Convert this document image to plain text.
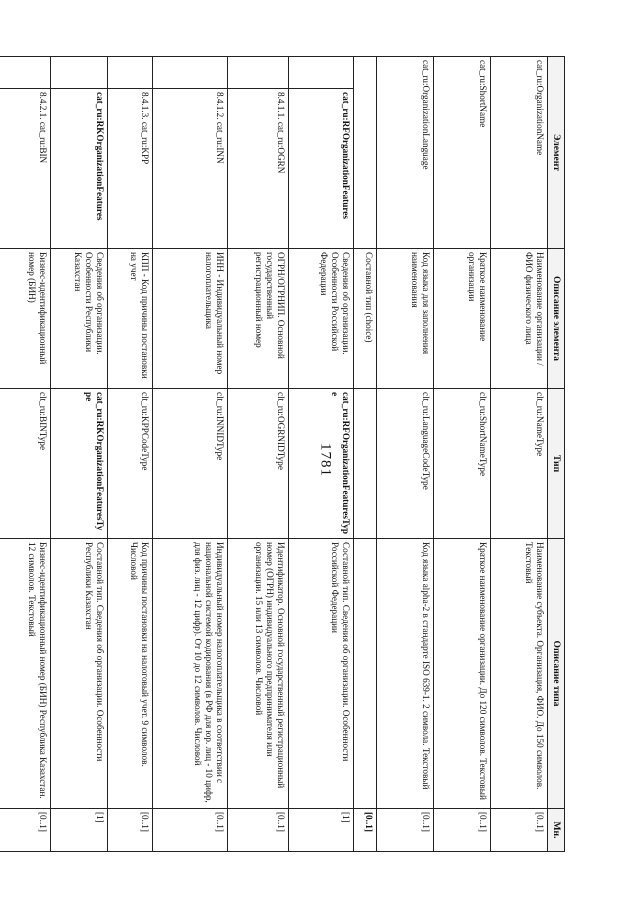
1781
Элемент		Описание элемента	Тип	Описание типа	Мн.
cat_ru:OrganizationName		Наименование организации / ФИО физического лица	clt_ru:NameType	Наименование субъекта. Организация, ФИО. До 150 символов. Текстовый	[0..1]
cat_ru:ShortName		Краткое наименование организации	clt_ru:ShortNameType	Краткое наименование организации. До 120 символов. Текстовый	[0..1]
cat_ru:OrganizationLanguage		Код языка для заполнения наименования	clt_ru:LanguageCodeType	Код языка alpha-2 в стандарте ISO 639-1. 2 символа. Текстовый	[0..1]
		Составной тип (choice)			[0..1]
	cat_ru:RFOrganizationFeatures	Сведения об организации. Особенности Российской Федерации	cat_ru:RFOrganizationFeaturesType	Составной тип. Сведения об организации. Особенности Российской Федерации	[1]
	8.4.1.1. cat_ru:OGRN	ОГРН/ОГРНИП. Основной государственный регистрационный номер	clt_ru:OGRNIDType	Идентификатор. Основной государственный регистрационный номер (ОГРН) индивидуального предпринимателя или организации. 15 или 13 символов. Числовой	[0..1]
	8.4.1.2. cat_ru:INN	ИНН - Индивидуальный номер налогоплательщика	clt_ru:INNIDType	Индивидуальный номер налогоплательщика в соответствии с национальной системой кодирования (в РФ для юр. лиц - 10 цифр, для физ. лиц - 12 цифр). От 10 до 12 символов. Числовой	[0..1]
	8.4.1.3. cat_ru:KPP	КПП - Код причины постановки на учет	clt_ru:KPPCodeType	Код причины постановки на налоговый учет. 9 символов. Числовой	[0..1]
	cat_ru:RKOrganizationFeatures	Сведения об организации. Особенности Республики Казахстан	cat_ru:RKOrganizationFeaturesType	Составной тип. Сведения об организации. Особенности Республики Казахстан	[1]
	8.4.2.1. cat_ru:BIN	Бизнес-идентификационный номер (БИН)	clt_ru:BINType	Бизнес-идентификационный номер (БИН) Республика Казахстан. 12 символов. Текстовый	[0..1]
